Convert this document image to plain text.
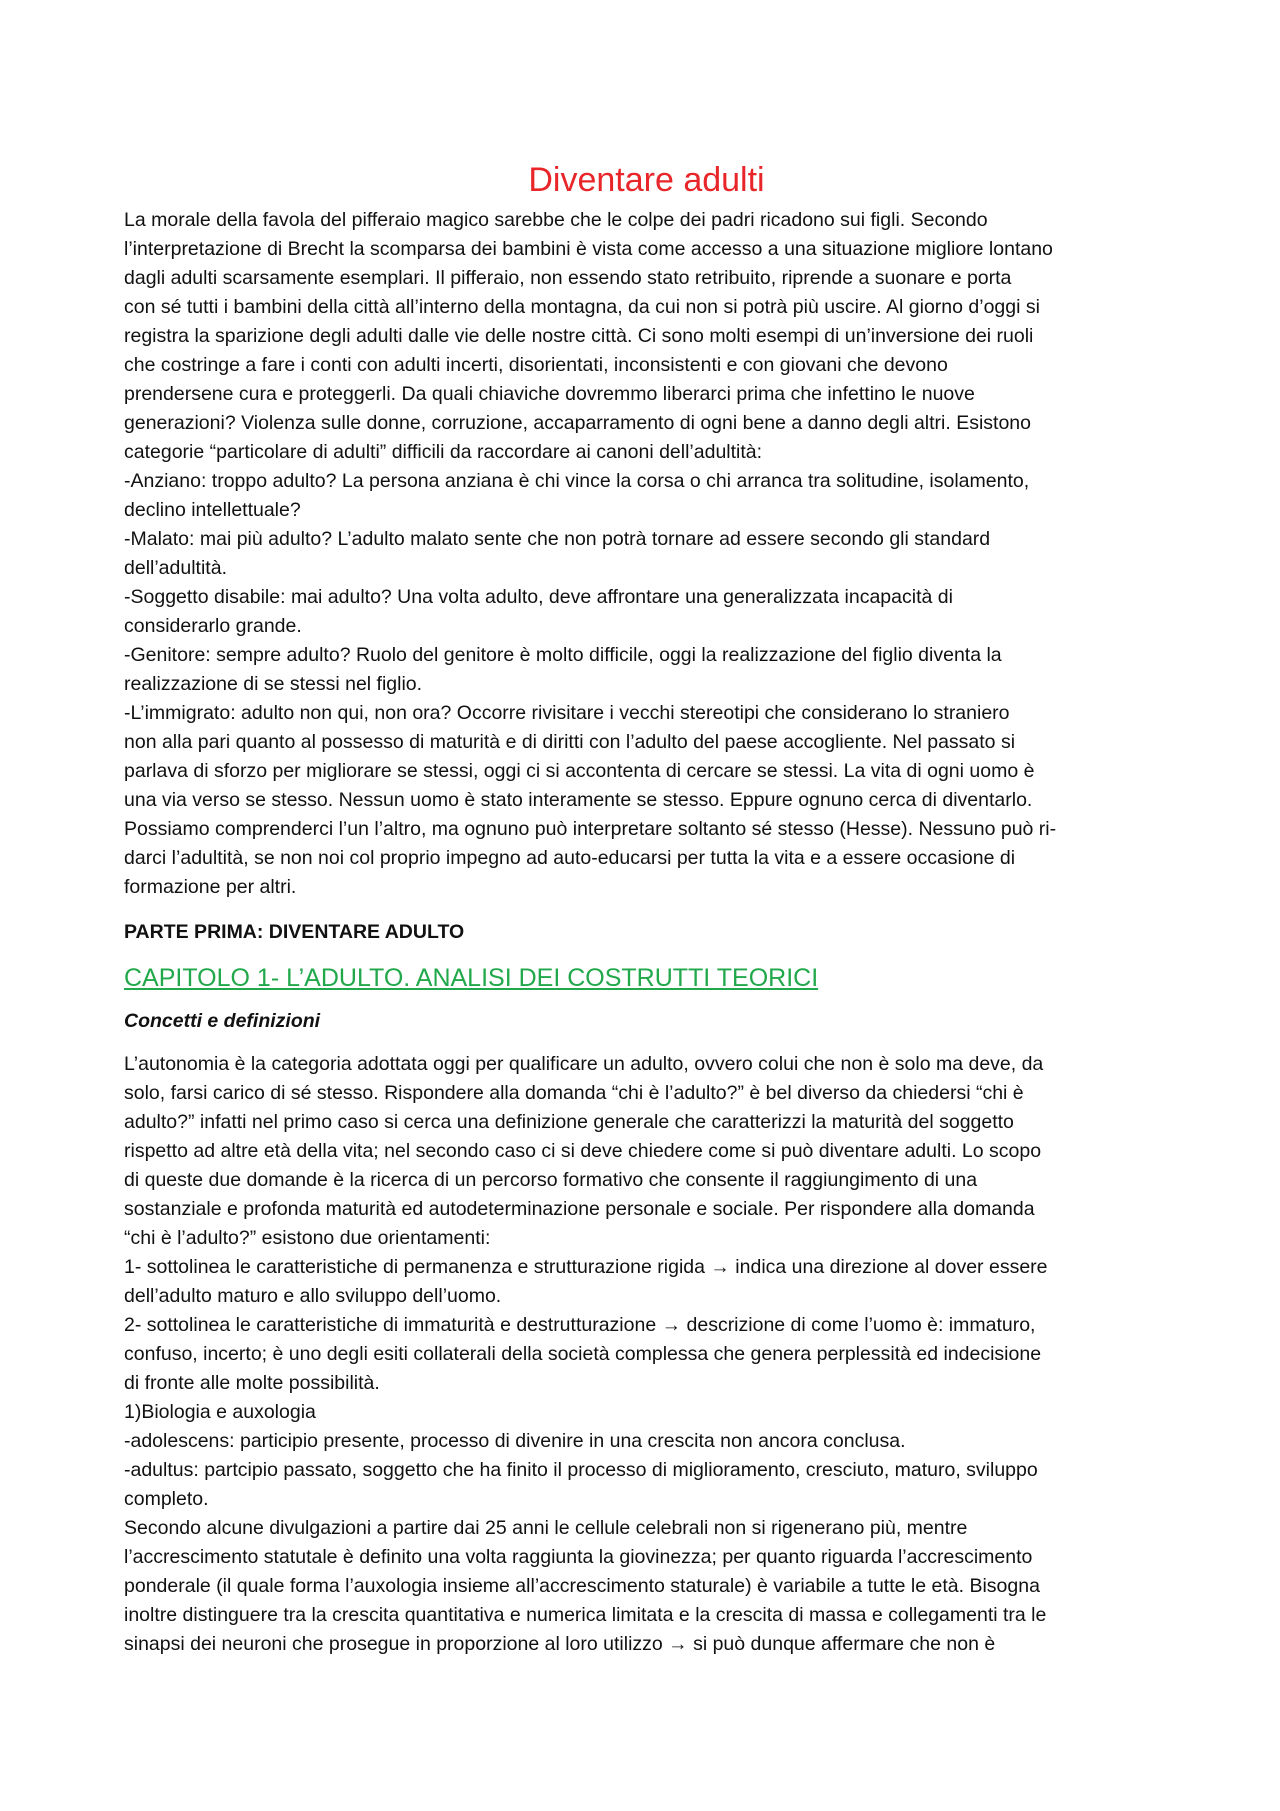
Diventare adulti
La morale della favola del pifferaio magico sarebbe che le colpe dei padri ricadono sui figli. Secondo
l’interpretazione di Brecht la scomparsa dei bambini è vista come accesso a una situazione migliore lontano
dagli adulti scarsamente esemplari. Il pifferaio, non essendo stato retribuito, riprende a suonare e porta
con sé tutti i bambini della città all’interno della montagna, da cui non si potrà più uscire. Al giorno d’oggi si
registra la sparizione degli adulti dalle vie delle nostre città. Ci sono molti esempi di un’inversione dei ruoli
che costringe a fare i conti con adulti incerti, disorientati, inconsistenti e con giovani che devono
prendersene cura e proteggerli. Da quali chiaviche dovremmo liberarci prima che infettino le nuove
generazioni? Violenza sulle donne, corruzione, accaparramento di ogni bene a danno degli altri. Esistono
categorie “particolare di adulti” difficili da raccordare ai canoni dell’adultità:
-Anziano: troppo adulto? La persona anziana è chi vince la corsa o chi arranca tra solitudine, isolamento,
declino intellettuale?
-Malato: mai più adulto? L’adulto malato sente che non potrà tornare ad essere secondo gli standard
dell’adultità.
-Soggetto disabile: mai adulto? Una volta adulto, deve affrontare una generalizzata incapacità di
considerarlo grande.
-Genitore: sempre adulto? Ruolo del genitore è molto difficile, oggi la realizzazione del figlio diventa la
realizzazione di se stessi nel figlio.
-L’immigrato: adulto non qui, non ora? Occorre rivisitare i vecchi stereotipi che considerano lo straniero
non alla pari quanto al possesso di maturità e di diritti con l’adulto del paese accogliente. Nel passato si
parlava di sforzo per migliorare se stessi, oggi ci si accontenta di cercare se stessi. La vita di ogni uomo è
una via verso se stesso. Nessun uomo è stato interamente se stesso. Eppure ognuno cerca di diventarlo.
Possiamo comprenderci l’un l’altro, ma ognuno può interpretare soltanto sé stesso (Hesse). Nessuno può ri-
darci l’adultità, se non noi col proprio impegno ad auto-educarsi per tutta la vita e a essere occasione di
formazione per altri.
PARTE PRIMA: DIVENTARE ADULTO
CAPITOLO 1- L’ADULTO. ANALISI DEI COSTRUTTI TEORICI
Concetti e definizioni
L’autonomia è la categoria adottata oggi per qualificare un adulto, ovvero colui che non è solo ma deve, da
solo, farsi carico di sé stesso. Rispondere alla domanda “chi è l’adulto?” è bel diverso da chiedersi “chi è
adulto?” infatti nel primo caso si cerca una definizione generale che caratterizzi la maturità del soggetto
rispetto ad altre età della vita; nel secondo caso ci si deve chiedere come si può diventare adulti. Lo scopo
di queste due domande è la ricerca di un percorso formativo che consente il raggiungimento di una
sostanziale e profonda maturità ed autodeterminazione personale e sociale. Per rispondere alla domanda
“chi è l’adulto?” esistono due orientamenti:
1- sottolinea le caratteristiche di permanenza e strutturazione rigida → indica una direzione al dover essere
dell’adulto maturo e allo sviluppo dell’uomo.
2- sottolinea le caratteristiche di immaturità e destrutturazione → descrizione di come l’uomo è: immaturo,
confuso, incerto; è uno degli esiti collaterali della società complessa che genera perplessità ed indecisione
di fronte alle molte possibilità.
1)Biologia e auxologia
-adolescens: participio presente, processo di divenire in una crescita non ancora conclusa.
-adultus: partcipio passato, soggetto che ha finito il processo di miglioramento, cresciuto, maturo, sviluppo
completo.
Secondo alcune divulgazioni a partire dai 25 anni le cellule celebrali non si rigenerano più, mentre
l’accrescimento statutale è definito una volta raggiunta la giovinezza; per quanto riguarda l’accrescimento
ponderale (il quale forma l’auxologia insieme all’accrescimento staturale) è variabile a tutte le età. Bisogna
inoltre distinguere tra la crescita quantitativa e numerica limitata e la crescita di massa e collegamenti tra le
sinapsi dei neuroni che prosegue in proporzione al loro utilizzo → si può dunque affermare che non è
